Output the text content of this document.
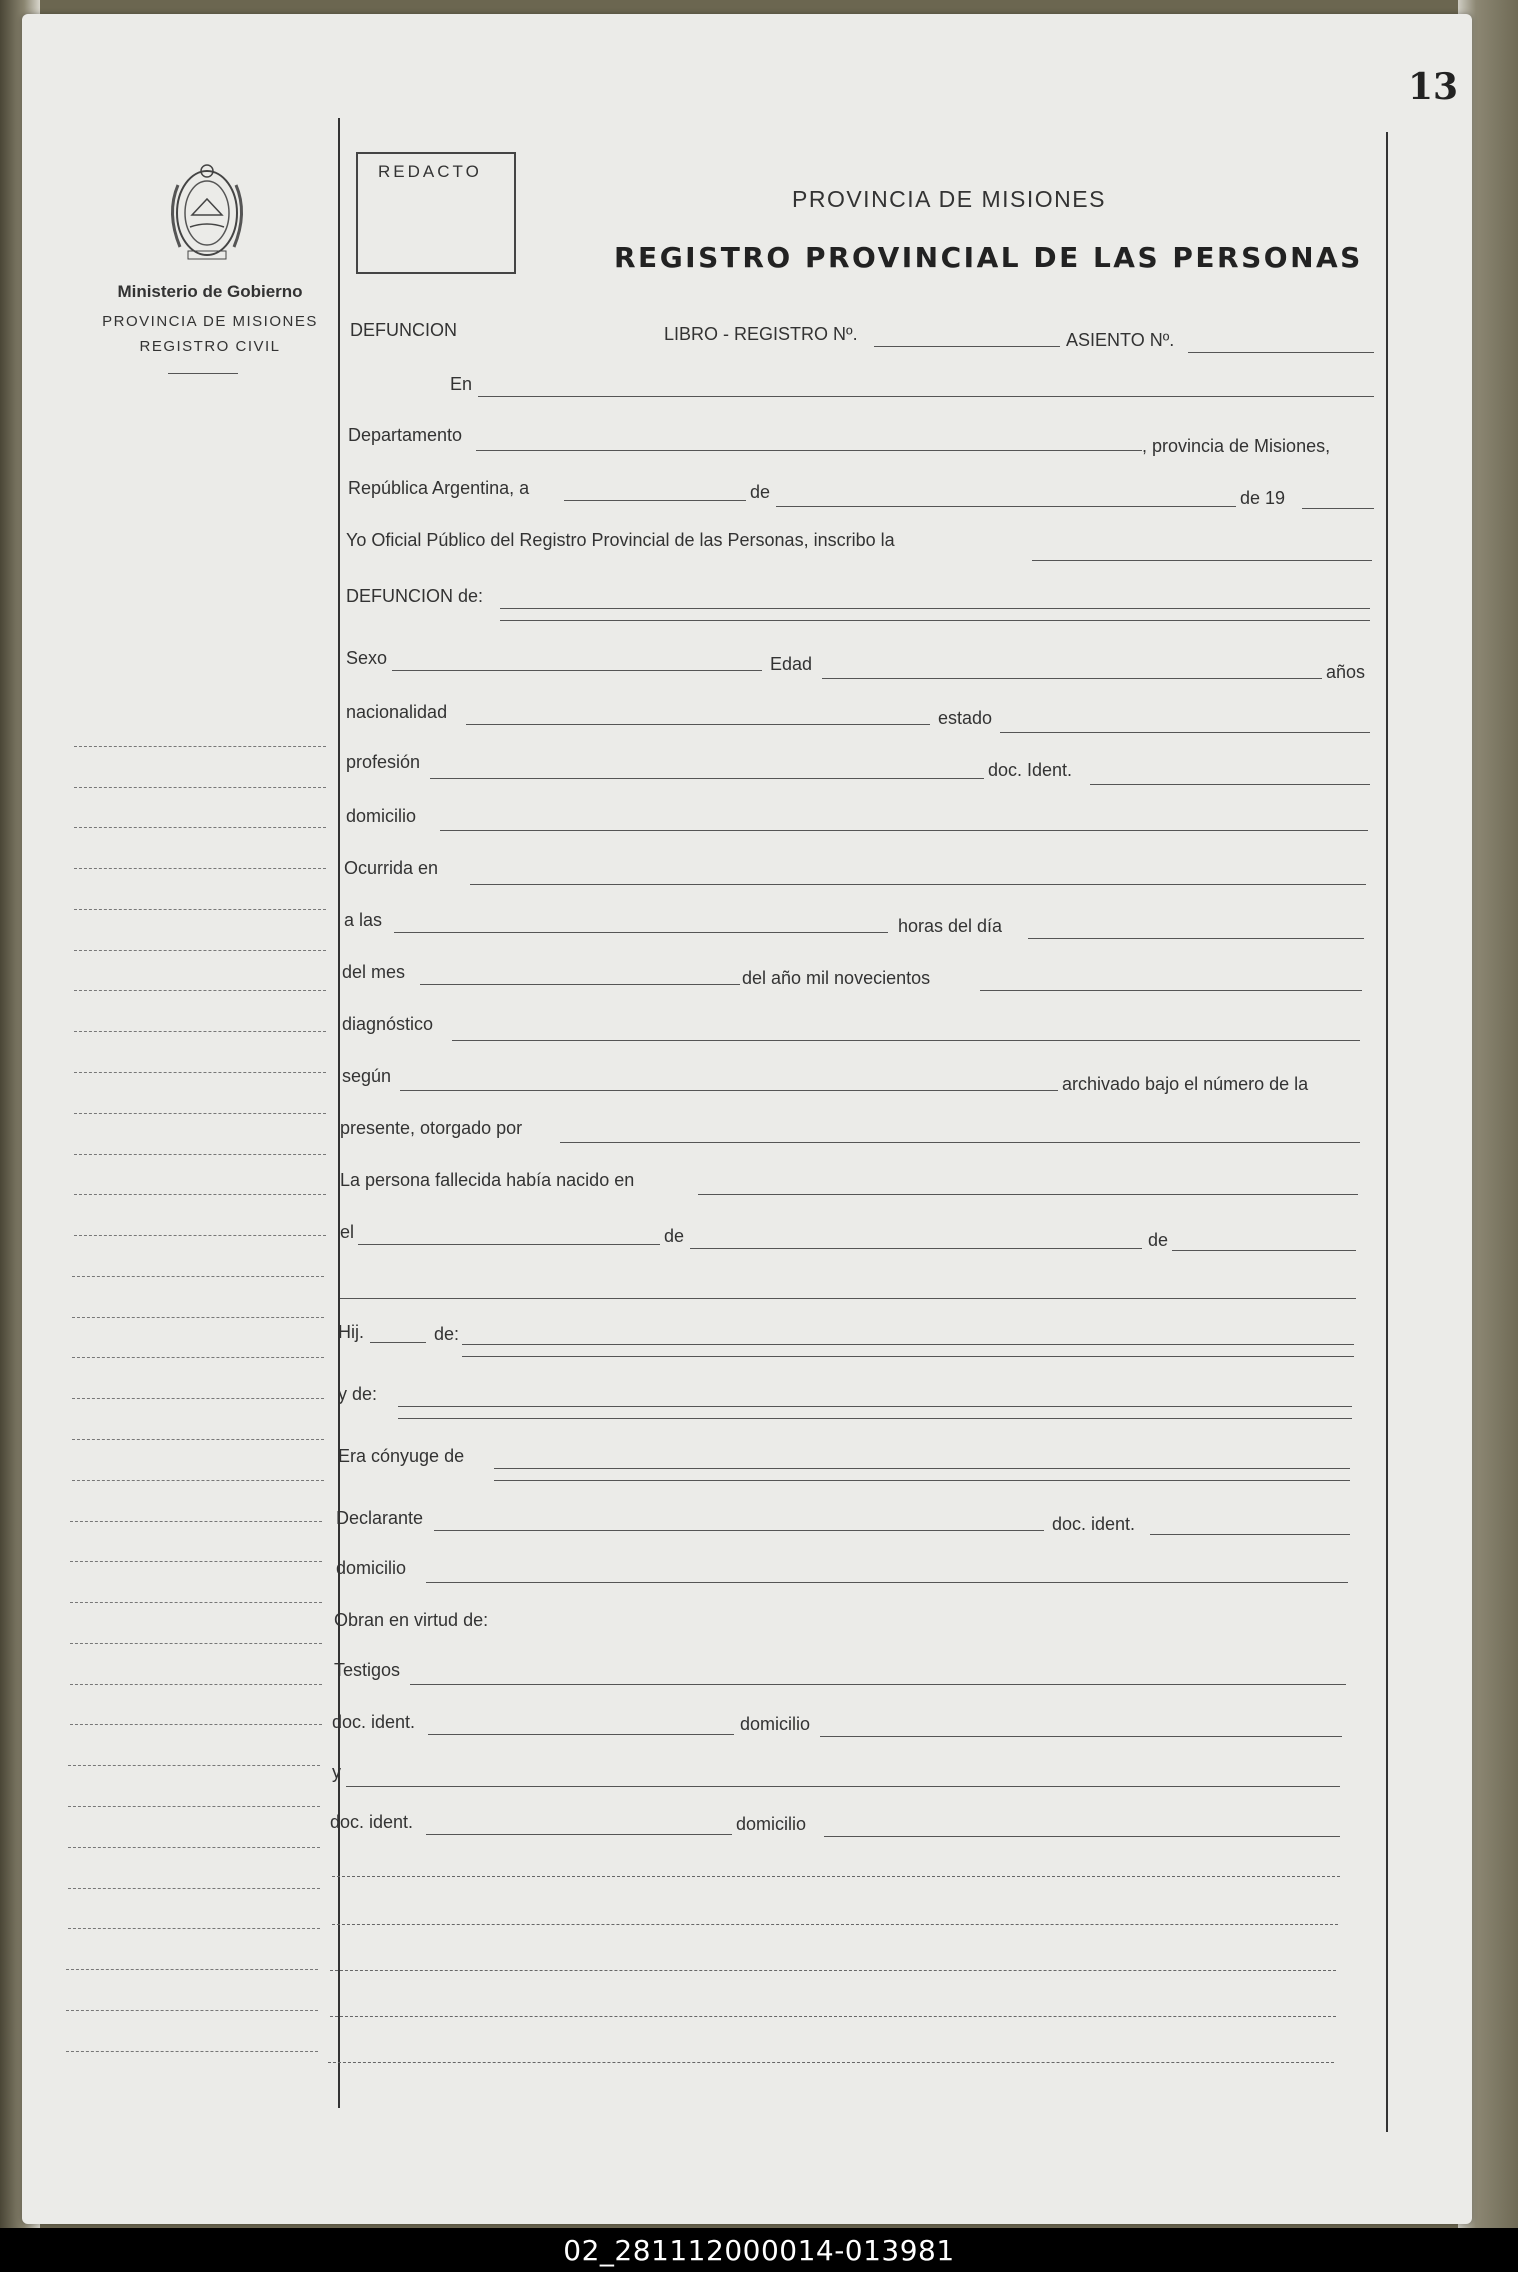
13
Ministerio de Gobierno
PROVINCIA DE MISIONES
REGISTRO CIVIL
REDACTO
PROVINCIA DE MISIONES
REGISTRO PROVINCIAL DE LAS PERSONAS
DEFUNCION	LIBRO - REGISTRO Nº.	ASIENTO Nº.
En
Departamento
, provincia de Misiones,
República Argentina, a	de	de 19
Yo Oficial Público del Registro Provincial de las Personas, inscribo la
DEFUNCION de:
Sexo	Edad	años
nacionalidad	estado
profesión	doc. Ident.
domicilio
Ocurrida en
a las	horas del día
del mes	del año mil novecientos
diagnóstico
según	archivado bajo el número de la
presente, otorgado por
La persona fallecida había nacido en
el	de	de
Hij.	de:
y de:
Era cónyuge de
Declarante	doc. ident.
domicilio
Obran en virtud de:
Testigos
doc. ident.	domicilio
y
doc. ident.	domicilio
02_281112000014-013981
